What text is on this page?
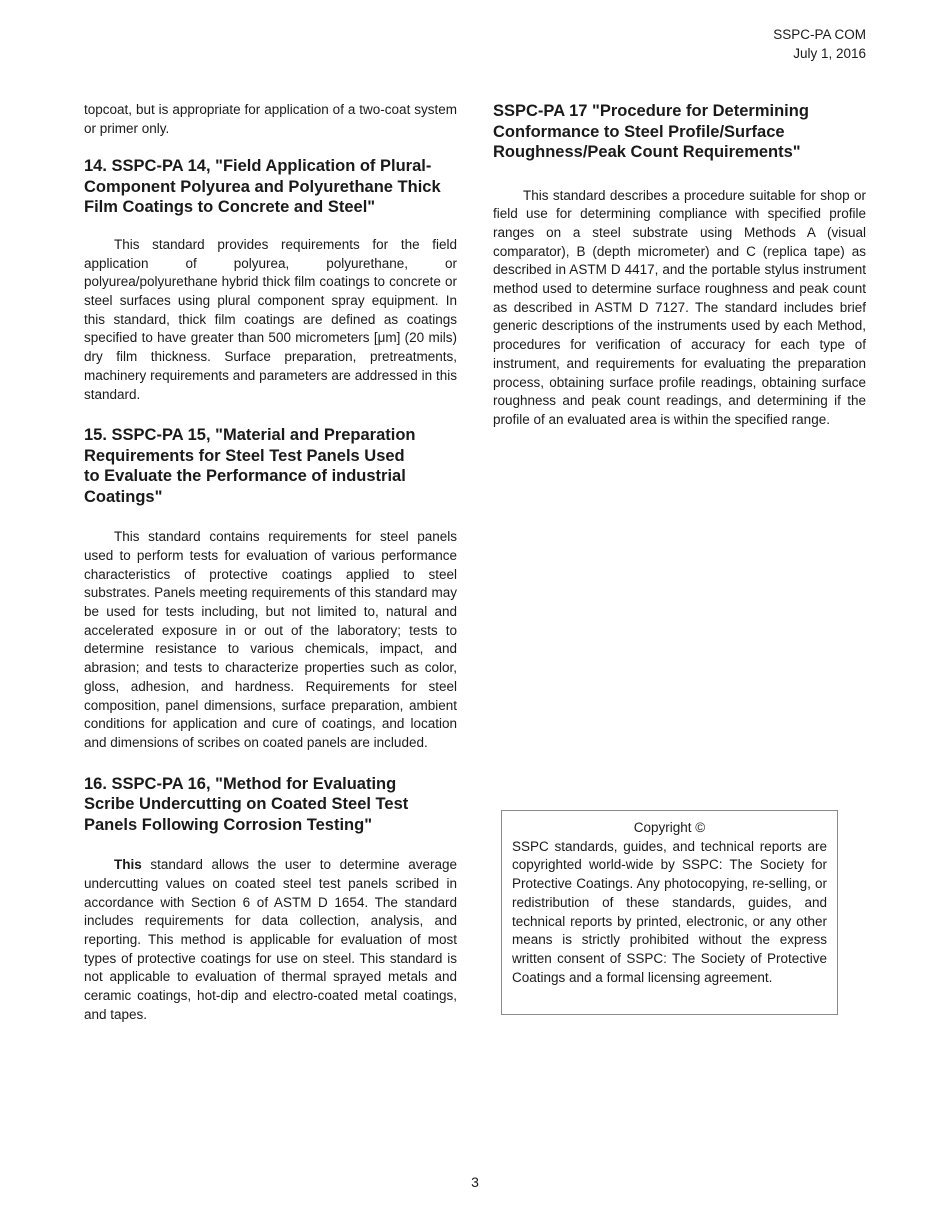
SSPC-PA COM
July 1, 2016

topcoat, but is appropriate for application of a two-coat system or primer only.

14. SSPC-PA 14, "Field Application of Plural-Component Polyurea and Polyurethane Thick Film Coatings to Concrete and Steel"

This standard provides requirements for the field application of polyurea, polyurethane, or polyurea/polyurethane hybrid thick film coatings to concrete or steel surfaces using plural component spray equipment. In this standard, thick film coatings are defined as coatings specified to have greater than 500 micrometers [μm] (20 mils) dry film thickness. Surface preparation, pretreatments, machinery requirements and parameters are addressed in this standard.

15. SSPC-PA 15, "Material and Preparation
Requirements for Steel Test Panels Used
to Evaluate the Performance of industrial
Coatings"

This standard contains requirements for steel panels used to perform tests for evaluation of various performance characteristics of protective coatings applied to steel substrates. Panels meeting requirements of this standard may be used for tests including, but not limited to, natural and accelerated exposure in or out of the laboratory; tests to determine resistance to various chemicals, impact, and abrasion; and tests to characterize properties such as color, gloss, adhesion, and hardness. Requirements for steel composition, panel dimensions, surface preparation, ambient conditions for application and cure of coatings, and location and dimensions of scribes on coated panels are included.

16. SSPC-PA 16, "Method for Evaluating
Scribe Undercutting on Coated Steel Test
Panels Following Corrosion Testing"

This standard allows the user to determine average undercutting values on coated steel test panels scribed in accordance with Section 6 of ASTM D 1654. The standard includes requirements for data collection, analysis, and reporting. This method is applicable for evaluation of most types of protective coatings for use on steel. This standard is not applicable to evaluation of thermal sprayed metals and ceramic coatings, hot-dip and electro-coated metal coatings, and tapes.

SSPC-PA 17 "Procedure for Determining Conformance to Steel Profile/Surface Roughness/Peak Count Requirements"

This standard describes a procedure suitable for shop or field use for determining compliance with specified profile ranges on a steel substrate using Methods A (visual comparator), B (depth micrometer) and C (replica tape) as described in ASTM D 4417, and the portable stylus instrument method used to determine surface roughness and peak count as described in ASTM D 7127. The standard includes brief generic descriptions of the instruments used by each Method, procedures for verification of accuracy for each type of instrument, and requirements for evaluating the preparation process, obtaining surface profile readings, obtaining surface roughness and peak count readings, and determining if the profile of an evaluated area is within the specified range.

Copyright ©

SSPC standards, guides, and technical reports are copyrighted world-wide by SSPC: The Society for Protective Coatings. Any photocopying, re-selling, or redistribution of these standards, guides, and technical reports by printed, electronic, or any other means is strictly prohibited without the express written consent of SSPC: The Society of Protective Coatings and a formal licensing agreement.

3
